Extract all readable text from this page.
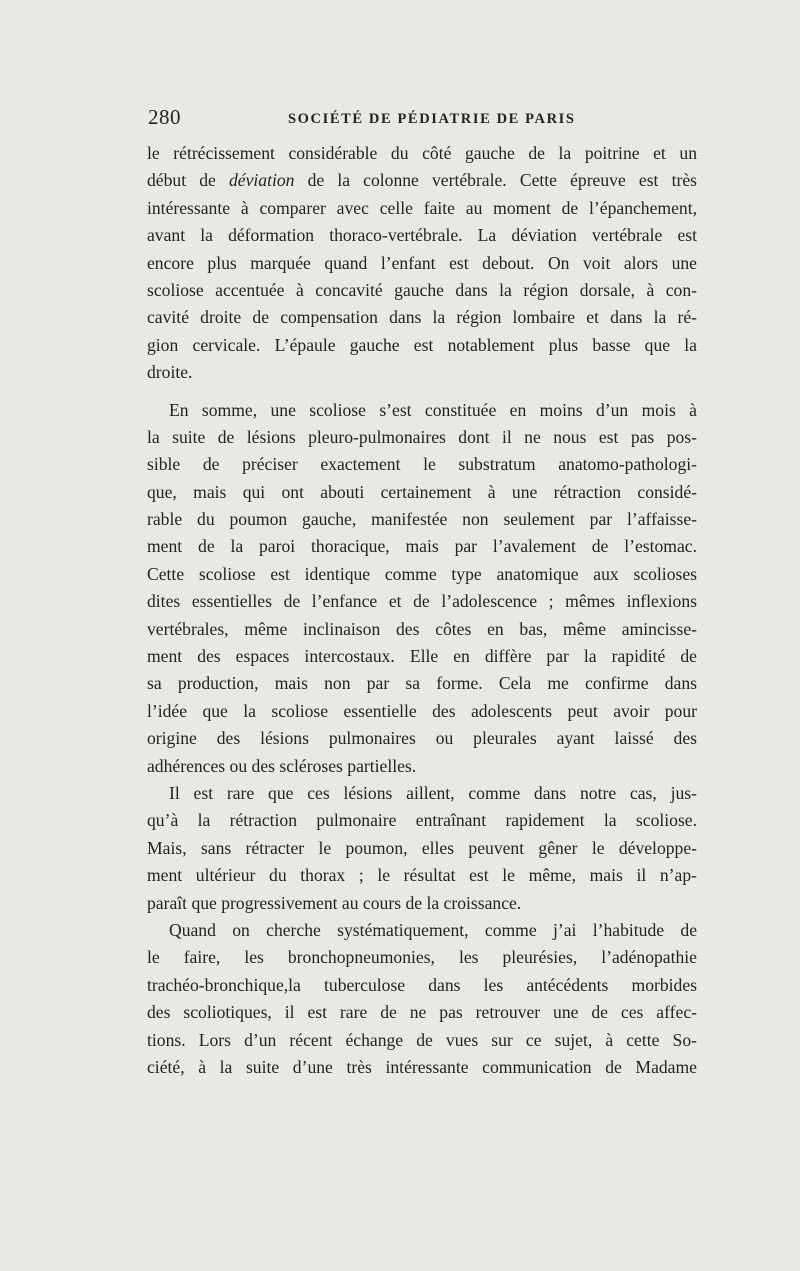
280	SOCIÉTÉ DE PÉDIATRIE DE PARIS
le rétrécissement considérable du côté gauche de la poitrine et un
début de déviation de la colonne vertébrale. Cette épreuve est très
intéressante à comparer avec celle faite au moment de l’épanchement,
avant la déformation thoraco-vertébrale. La déviation vertébrale est
encore plus marquée quand l’enfant est debout. On voit alors une
scoliose accentuée à concavité gauche dans la région dorsale, à con-
cavité droite de compensation dans la région lombaire et dans la ré-
gion cervicale. L’épaule gauche est notablement plus basse que la
droite.
En somme, une scoliose s’est constituée en moins d’un mois à
la suite de lésions pleuro-pulmonaires dont il ne nous est pas pos-
sible de préciser exactement le substratum anatomo-pathologi-
que, mais qui ont abouti certainement à une rétraction considé-
rable du poumon gauche, manifestée non seulement par l’affaisse-
ment de la paroi thoracique, mais par l’avalement de l’estomac.
Cette scoliose est identique comme type anatomique aux scolioses
dites essentielles de l’enfance et de l’adolescence ; mêmes inflexions
vertébrales, même inclinaison des côtes en bas, même amincisse-
ment des espaces intercostaux. Elle en diffère par la rapidité de
sa production, mais non par sa forme. Cela me confirme dans
l’idée que la scoliose essentielle des adolescents peut avoir pour
origine des lésions pulmonaires ou pleurales ayant laissé des
adhérences ou des scléroses partielles.
Il est rare que ces lésions aillent, comme dans notre cas, jus-
qu’à la rétraction pulmonaire entraînant rapidement la scoliose.
Mais, sans rétracter le poumon, elles peuvent gêner le développe-
ment ultérieur du thorax ; le résultat est le même, mais il n’ap-
paraît que progressivement au cours de la croissance.
Quand on cherche systématiquement, comme j’ai l’habitude de
le faire, les bronchopneumonies, les pleurésies, l’adénopathie
trachéo-bronchique,la tuberculose dans les antécédents morbides
des scoliotiques, il est rare de ne pas retrouver une de ces affec-
tions. Lors d’un récent échange de vues sur ce sujet, à cette So-
ciété, à la suite d’une très intéressante communication de Madame
